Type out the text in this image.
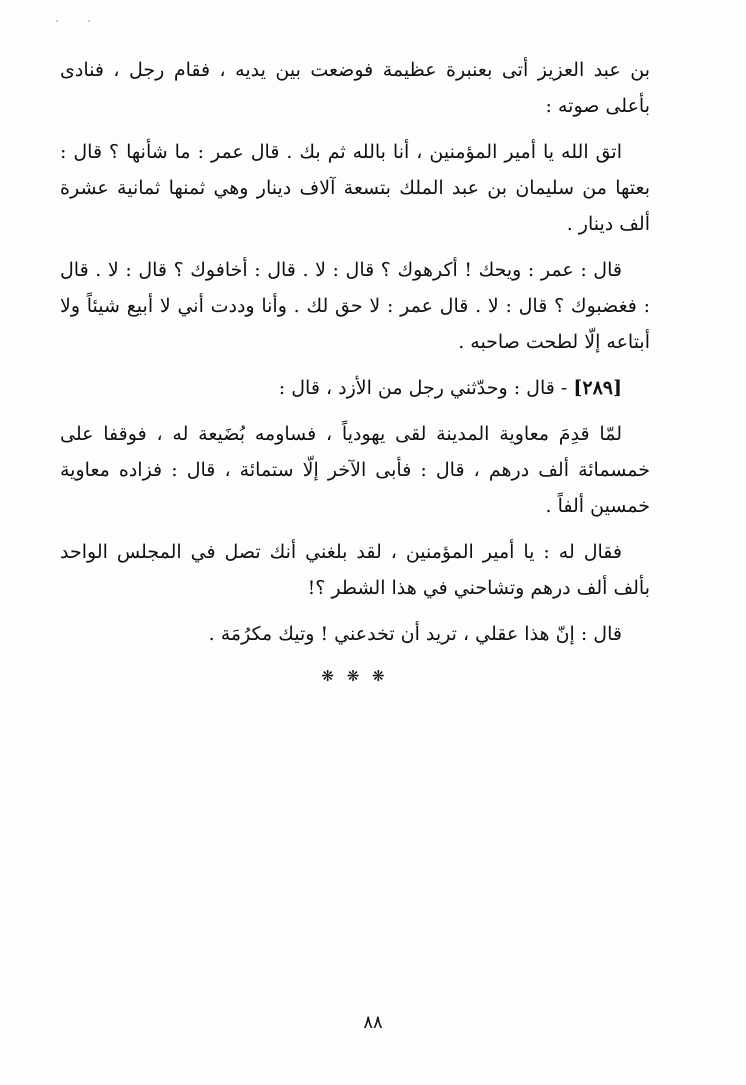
بن عبد العزيز أتى بعنبرة عظيمة فوضعت بين يديه ، فقام رجل ، فنادى بأعلى صوته :

اتق الله يا أمير المؤمنين ، أنا بالله ثم بك . قال عمر : ما شأنها ؟ قال : بعتها من سليمان بن عبد الملك بتسعة آلاف دينار وهي ثمنها ثمانية عشرة ألف دينار .

قال : عمر : ويحك ! أكرهوك ؟ قال : لا . قال : أخافوك ؟ قال : لا . قال : فغضبوك ؟ قال : لا . قال عمر : لا حق لك . وأنا وددت أني لا أبيع شيئاً ولا أبتاعه إلّا لطحت صاحبه .

[٢٨٩] - قال : وحدّثني رجل من الأزد ، قال :

لمّا قدِمَ معاوية المدينة لقى يهودياً ، فساومه بُضَيعة له ، فوقفا على خمسمائة ألف درهم ، قال : فأبى الآخر إلّا ستمائة ، قال : فزاده معاوية خمسين ألفاً .

فقال له : يا أمير المؤمنين ، لقد بلغني أنك تصل في المجلس الواحد بألف ألف درهم وتشاحني في هذا الشطر ؟!

قال : إنّ هذا عقلي ، تريد أن تخدعني ! وتيك مكرُمَة .

❋ ❋ ❋
٨٨
